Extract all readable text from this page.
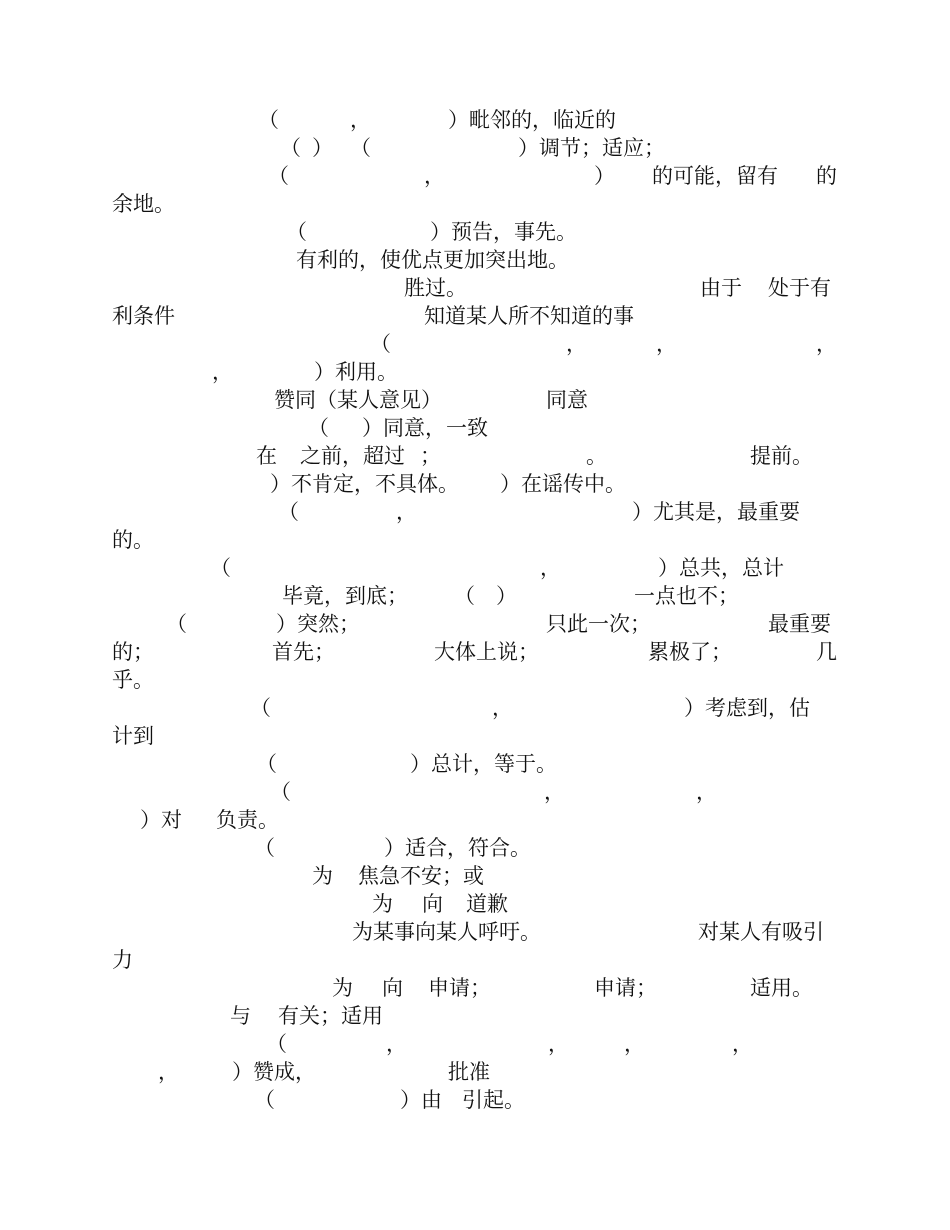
（	，	）毗邻的，临近的
（ ） （	）调节；适应；
（	，	） 的可能，留有 的
余地。
（	）预告，事先。
有利的，使优点更加突出地。
胜过。	由于 处于有
利条件	知道某人所不知道的事
（	，	，	，
，	）利用。
赞同（某人意见）	同意
（ ）同意，一致
在 之前，超过 ；	。	提前。
）不肯定，不具体。 ）在谣传中。
（	，	）尤其是，最重要
的。
（	，	）总共，总计
毕竟，到底； （ ）	一点也不；
（	）突然；	只此一次；	最重要
的；	首先；	大体上说；	累极了；	几
乎。
（	，	）考虑到，估
计到
（	）总计，等于。
（	，	，
）对 负责。
（	）适合，符合。
为 焦急不安；或
为 向 道歉
为某事向某人呼吁。	对某人有吸引
力
为 向 申请；	申请；	适用。
与 有关；适用
（	，	，	，	，
，	）赞成，	批准
（	）由 引起。
